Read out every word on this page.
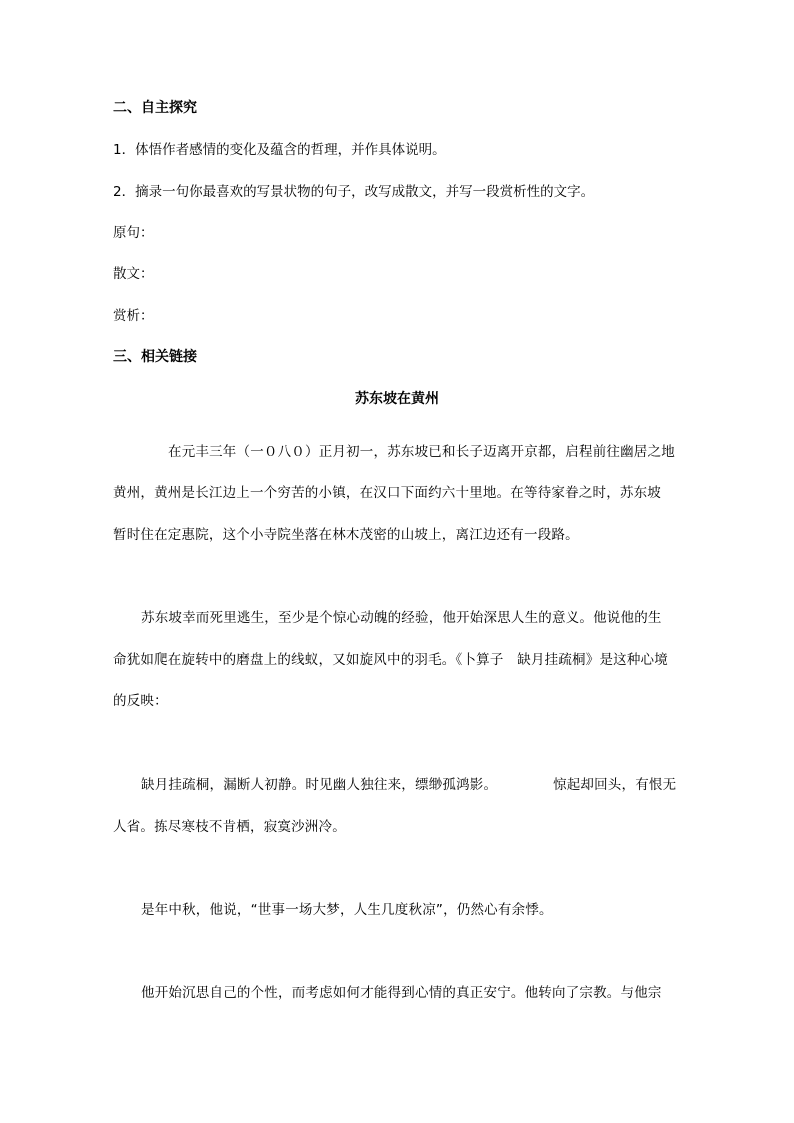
二、自主探究
1．体悟作者感情的变化及蕴含的哲理，并作具体说明。
2．摘录一句你最喜欢的写景状物的句子，改写成散文，并写一段赏析性的文字。
原句：
散文：
赏析：
三、相关链接
苏东坡在黄州
在元丰三年（一０八０）正月初一，苏东坡已和长子迈离开京都，启程前往幽居之地
黄州，黄州是长江边上一个穷苦的小镇，在汉口下面约六十里地。在等待家眷之时，苏东坡
暂时住在定惠院，这个小寺院坐落在林木茂密的山坡上，离江边还有一段路。
苏东坡幸而死里逃生，至少是个惊心动魄的经验，他开始深思人生的意义。他说他的生
命犹如爬在旋转中的磨盘上的线蚁，又如旋风中的羽毛。《卜算子　缺月挂疏桐》是这种心境
的反映：
缺月挂疏桐，漏断人初静。时见幽人独往来，缥缈孤鸿影。	惊起却回头，有恨无
人省。拣尽寒枝不肯栖，寂寞沙洲冷。
是年中秋，他说，“世事一场大梦，人生几度秋凉”，仍然心有余悸。
他开始沉思自己的个性，而考虑如何才能得到心情的真正安宁。他转向了宗教。与他宗
